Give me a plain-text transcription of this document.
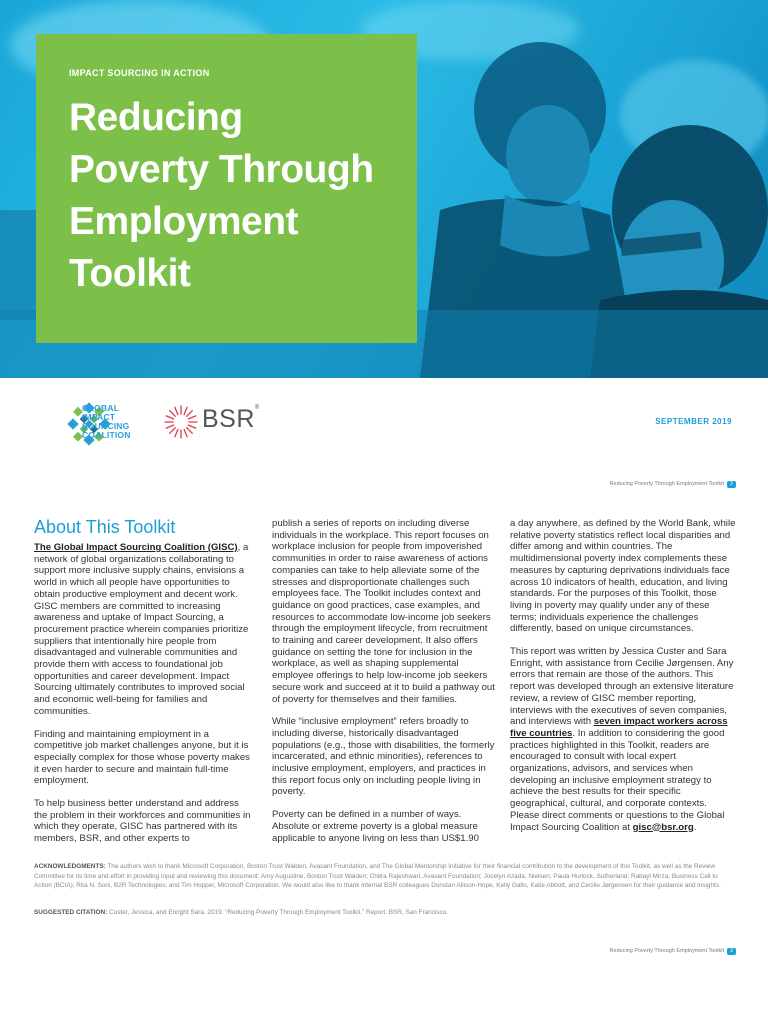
IMPACT SOURCING IN ACTION
Reducing
Poverty Through
Employment
Toolkit
GLOBAL
IMPACT
SOURCING
COALITION
BSR®
SEPTEMBER 2019
Reducing Poverty Through Employment Toolkit 2
About This Toolkit

The Global Impact Sourcing Coalition (GISC), a network of global organizations collaborating to support more inclusive supply chains, envisions a world in which all people have opportunities to obtain productive employment and decent work. GISC members are committed to increasing awareness and uptake of Impact Sourcing, a procurement practice wherein companies prioritize suppliers that intentionally hire people from disadvantaged and vulnerable communities and provide them with access to foundational job opportunities and career development. Impact Sourcing ultimately contributes to improved social and economic well-being for families and communities.

Finding and maintaining employment in a competitive job market challenges anyone, but it is especially complex for those whose poverty makes it even harder to secure and maintain full-time employment.

To help business better understand and address the problem in their workforces and communities in which they operate, GISC has partnered with its members, BSR, and other experts to

publish a series of reports on including diverse individuals in the workplace. This report focuses on workplace inclusion for people from impoverished communities in order to raise awareness of actions companies can take to help alleviate some of the stresses and disproportionate challenges such employees face. The Toolkit includes context and guidance on good practices, case examples, and resources to accommodate low-income job seekers through the employment lifecycle, from recruitment to training and career development. It also offers guidance on setting the tone for inclusion in the workplace, as well as shaping supplemental employee offerings to help low-income job seekers secure work and succeed at it to build a pathway out of poverty for themselves and their families.

While “inclusive employment” refers broadly to including diverse, historically disadvantaged populations (e.g., those with disabilities, the formerly incarcerated, and ethnic minorities), references to inclusive employment, employers, and practices in this report focus only on including people living in poverty.

Poverty can be defined in a number of ways. Absolute or extreme poverty is a global measure applicable to anyone living on less than US$1.90

a day anywhere, as defined by the World Bank, while relative poverty statistics reflect local disparities and differ among and within countries. The multidimensional poverty index complements these measures by capturing deprivations individuals face across 10 indicators of health, education, and living standards. For the purposes of this Toolkit, those living in poverty may qualify under any of these terms; individuals experience the challenges differently, based on unique circumstances.

This report was written by Jessica Custer and Sara Enright, with assistance from Cecilie Jørgensen. Any errors that remain are those of the authors. This report was developed through an extensive literature review, a review of GISC member reporting, interviews with the executives of seven companies, and interviews with seven impact workers across five countries. In addition to considering the good practices highlighted in this Toolkit, readers are encouraged to consult with local expert organizations, advisors, and services when developing an inclusive employment strategy to achieve the best results for their specific geographical, cultural, and corporate contexts. Please direct comments or questions to the Global Impact Sourcing Coalition at gisc@bsr.org.

ACKNOWLEDGMENTS: The authors wish to thank Microsoft Corporation, Boston Trust Walden, Avasant Foundation, and The Global Mentorship Initiative for their financial contribution to the development of this Toolkit, as well as the Review Committee for its time and effort in providing input and reviewing this document: Amy Augustine, Boston Trust Walden; Chitra Rajeshwari, Avasant Foundation; Jocelyn Azada, Nielsen; Paula Hurlock, Sutherland; Rabayl Mirza, Business Call to Action (BCtA); Rita N. Soni, B2R Technologies; and Tim Hopper, Microsoft Corporation. We would also like to thank internal BSR colleagues Dunstan Allison-Hope, Kelly Gallo, Katie Abbott, and Cecilie Jørgensen for their guidance and insights.
SUGGESTED CITATION: Custer, Jessica, and Enright Sara. 2019. “Reducing Poverty Through Employment Toolkit.” Report. BSR, San Francisco.
Reducing Poverty Through Employment Toolkit 3
